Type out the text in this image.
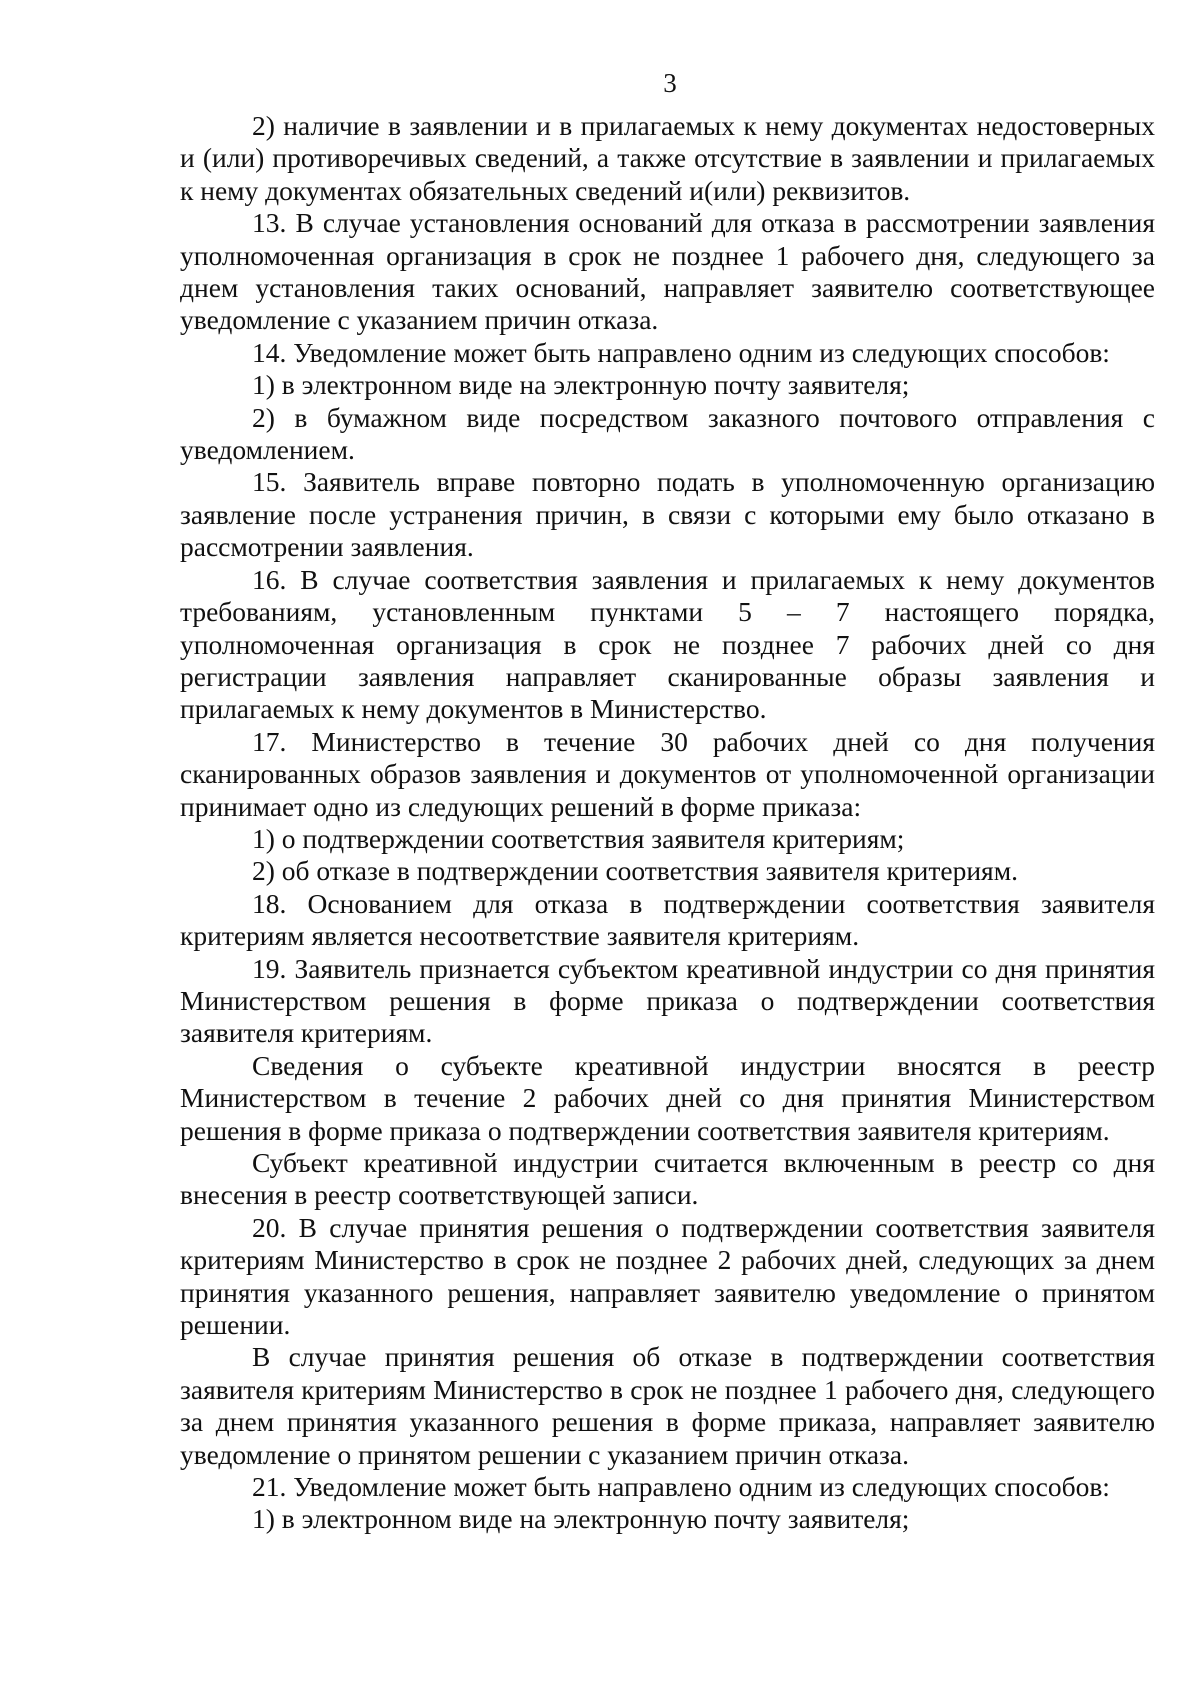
3

2) наличие в заявлении и в прилагаемых к нему документах недостоверных и (или) противоречивых сведений, а также отсутствие в заявлении и прилагаемых к нему документах обязательных сведений и(или) реквизитов.

13. В случае установления оснований для отказа в рассмотрении заявления уполномоченная организация в срок не позднее 1 рабочего дня, следующего за днем установления таких оснований, направляет заявителю соответствующее уведомление с указанием причин отказа.

14. Уведомление может быть направлено одним из следующих способов:

1) в электронном виде на электронную почту заявителя;

2) в бумажном виде посредством заказного почтового отправления с уведомлением.

15. Заявитель вправе повторно подать в уполномоченную организацию заявление после устранения причин, в связи с которыми ему было отказано в рассмотрении заявления.

16. В случае соответствия заявления и прилагаемых к нему документов требованиям, установленным пунктами 5 – 7 настоящего порядка, уполномоченная организация в срок не позднее 7 рабочих дней со дня регистрации заявления направляет сканированные образы заявления и прилагаемых к нему документов в Министерство.

17. Министерство в течение 30 рабочих дней со дня получения сканированных образов заявления и документов от уполномоченной организации принимает одно из следующих решений в форме приказа:

1) о подтверждении соответствия заявителя критериям;

2) об отказе в подтверждении соответствия заявителя критериям.

18. Основанием для отказа в подтверждении соответствия заявителя критериям является несоответствие заявителя критериям.

19. Заявитель признается субъектом креативной индустрии со дня принятия Министерством решения в форме приказа о подтверждении соответствия заявителя критериям.

Сведения о субъекте креативной индустрии вносятся в реестр Министерством в течение 2 рабочих дней со дня принятия Министерством решения в форме приказа о подтверждении соответствия заявителя критериям.

Субъект креативной индустрии считается включенным в реестр со дня внесения в реестр соответствующей записи.

20. В случае принятия решения о подтверждении соответствия заявителя критериям Министерство в срок не позднее 2 рабочих дней, следующих за днем принятия указанного решения, направляет заявителю уведомление о принятом решении.

В случае принятия решения об отказе в подтверждении соответствия заявителя критериям Министерство в срок не позднее 1 рабочего дня, следующего за днем принятия указанного решения в форме приказа, направляет заявителю уведомление о принятом решении с указанием причин отказа.

21. Уведомление может быть направлено одним из следующих способов:

1) в электронном виде на электронную почту заявителя;
